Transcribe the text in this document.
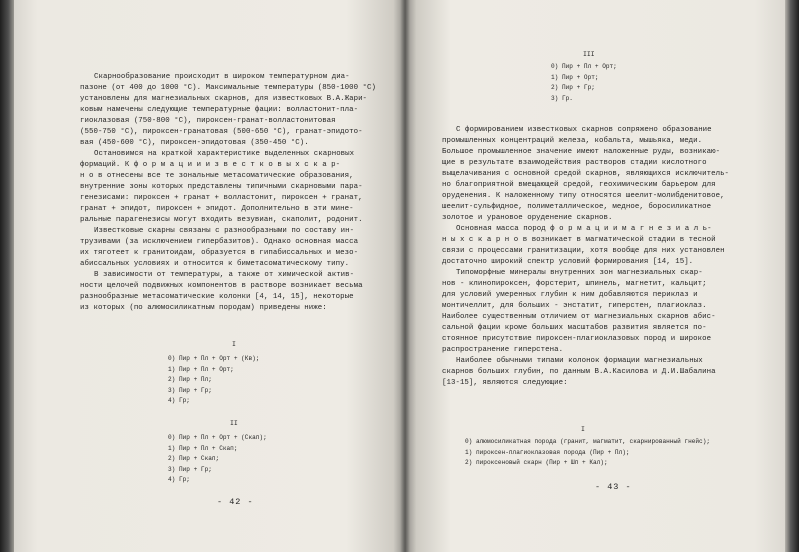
Скарнообразование происходит в широком температурном диа-
пазоне (от 400 до 1000 °С). Максимальные температуры (850-1000 °С)
установлены для магнезиальных скарнов, для известковых В.А.Жари-
ковым намечены следующие температурные фации: волластонит-пла-
гиоклазовая (750-800 °С), пироксен-гранат-волластонитовая
(550-750 °С), пироксен-гранатовая (500-650 °С), гранат-эпидото-
вая (450-600 °С), пироксен-эпидотовая (350-450 °С).

Остановимся на краткой характеристике выделенных скарновых
формаций. К ф о р м а ц и и и з в е с т к о в ы х с к а р-
н о в отнесены все те зональные метасоматические образования,
внутренние зоны которых представлены типичными скарновыми пара-
генезисами: пироксен + гранат + волластонит, пироксен + гранат,
гранат + эпидот, пироксен + эпидот. Дополнительно в эти мине-
ральные парагенезисы могут входить везувиан, скаполит, родонит.

Известковые скарны связаны с разнообразными по составу ин-
трузивами (за исключением гипербазитов). Однако основная масса
их тяготеет к гранитоидам, образуется в гипабиссальных и мезо-
абиссальных условиях и относится к биметасоматическому типу.

В зависимости от температуры, а также от химической актив-
ности щелочей подвижных компонентов в растворе возникает весьма
разнообразные метасоматические колонки [4, 14, 15], некоторые
из которых (по алюмосиликатным породам) приведены ниже:

I
0) Пир + Пл + Орт + (Кв);
1) Пир + Пл + Орт;
2) Пир + Пл;
3) Пир + Гр;
4) Гр;
II
0) Пир + Пл + Орт + (Скап);
1) Пир + Пл + Скап;
2) Пир + Скап;
3) Пир + Гр;
4) Гр;
- 42 -
III
0) Пир + Пл + Орт;
1) Пир + Орт;
2) Пир + Гр;
3) Гр.

С формированием известковых скарнов сопряжено образование
промышленных концентраций железа, кобальта, мышьяка, меди.
Большое промышленное значение имеют наложенные руды, возникаю-
щие в результате взаимодействия растворов стадии кислотного
выщелачивания с основной средой скарнов, являющихся исключитель-
но благоприятной вмещающей средой, геохимическим барьером для
оруденения. К наложенному типу относятся шеелит-молибденитовое,
шеелит-сульфидное, полиметаллическое, медное, боросиликатное
золотое и урановое оруденение скарнов.

Основная масса пород ф о р м а ц и и м а г н е з и а л ь-
н ы х с к а р н о в возникает в магматической стадии в тесной
связи с процессами гранитизации, хотя вообще для них установлен
достаточно широкий спектр условий формирования [14, 15].

Типоморфные минералы внутренних зон магнезиальных скар-
нов - клинопироксен, форстерит, шпинель, магнетит, кальцит;
для условий умеренных глубин к ним добавляются периклаз и
монтичеллит, для больших - энстатит, гиперстен, плагиоклаз.
Наиболее существенным отличием от магнезиальных скарнов абис-
сальной фации кроме больших масштабов развития является по-
стоянное присутствие пироксен-плагиоклазовых пород и широкое
распространение гиперстена.

Наиболее обычными типами колонок формации магнезиальных
скарнов больших глубин, по данным В.А.Касилова и Д.И.Шабалина
[13-15], являются следующие:

I
0) алюмосиликатная порода (гранит, магматит, скарнированный гнейс);
1) пироксен-плагиоклазовая порода (Пир + Пл);
2) пироксеновый скарн (Пир + Шп + Кал);
- 43 -
